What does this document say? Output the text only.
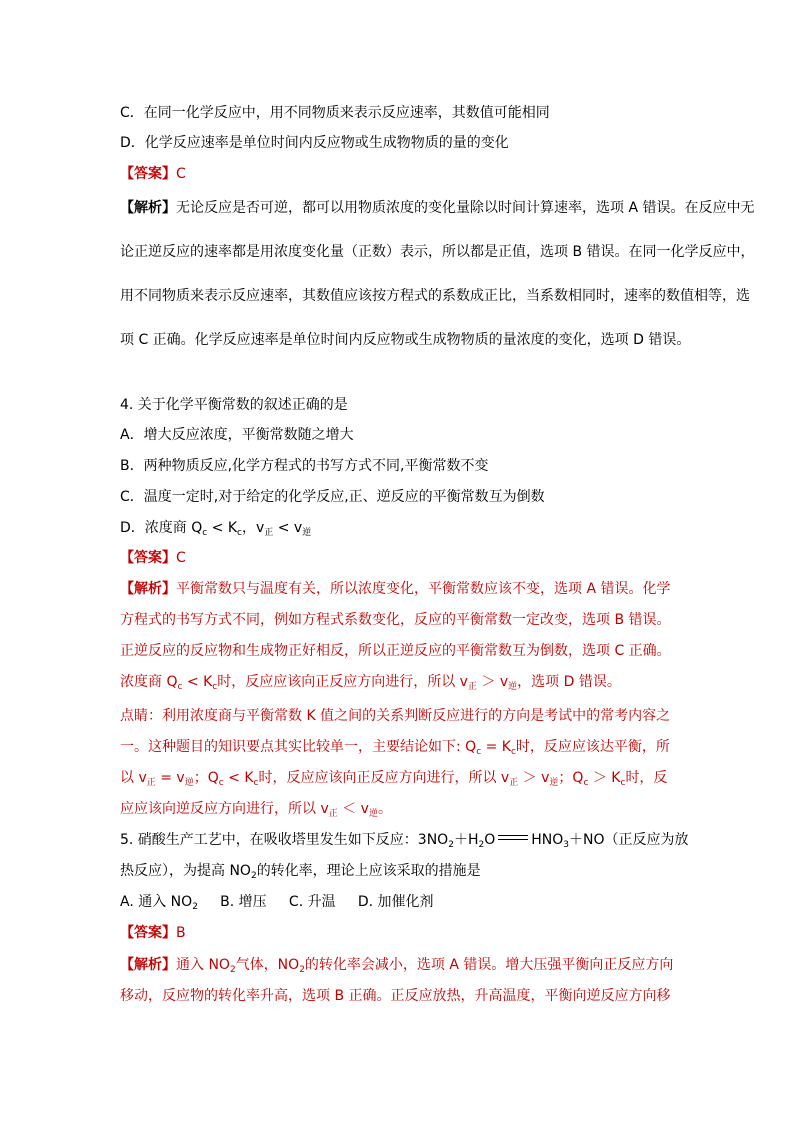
C．在同一化学反应中，用不同物质来表示反应速率，其数值可能相同
D．化学反应速率是单位时间内反应物或生成物物质的量的变化
【答案】C
【解析】无论反应是否可逆，都可以用物质浓度的变化量除以时间计算速率，选项 A 错误。在反应中无
论正逆反应的速率都是用浓度变化量（正数）表示，所以都是正值，选项 B 错误。在同一化学反应中，
用不同物质来表示反应速率，其数值应该按方程式的系数成正比，当系数相同时，速率的数值相等，选
项 C 正确。化学反应速率是单位时间内反应物或生成物物质的量浓度的变化，选项 D 错误。
4. 关于化学平衡常数的叙述正确的是
A．增大反应浓度，平衡常数随之增大
B．两种物质反应,化学方程式的书写方式不同,平衡常数不变
C．温度一定时,对于给定的化学反应,正、逆反应的平衡常数互为倒数
D．浓度商 $Q_c < K_c$，$v_正 < v_逆$
【答案】C
【解析】平衡常数只与温度有关，所以浓度变化，平衡常数应该不变，选项 A 错误。化学
方程式的书写方式不同，例如方程式系数变化，反应的平衡常数一定改变，选项 B 错误。
正逆反应的反应物和生成物正好相反，所以正逆反应的平衡常数互为倒数，选项 C 正确。
浓度商 $Q_c < K_c$时，反应应该向正反应方向进行，所以 $v_正 > v_逆$，选项 D 错误。
点睛：利用浓度商与平衡常数 K 值之间的关系判断反应进行的方向是考试中的常考内容之
一。这种题目的知识要点其实比较单一，主要结论如下: $Q_c = K_c$时，反应应该达平衡，所
以 $v_正 = v_逆$；$Q_c < K_c$时，反应应该向正反应方向进行，所以 $v_正 > v_逆$；$Q_c > K_c$时，反
应应该向逆反应方向进行，所以 $v_正 < v_逆$。
5. 硝酸生产工艺中，在吸收塔里发生如下反应：$3NO_2+H_2O$	$HNO_3+NO$（正反应为放
热反应），为提高 $NO_2$的转化率，理论上应该采取的措施是
A. 通入 $NO_2$     B. 增压     C. 升温     D. 加催化剂
【答案】B
【解析】通入 $NO_2$气体，$NO_2$的转化率会减小，选项 A 错误。增大压强平衡向正反应方向
移动，反应物的转化率升高，选项 B 正确。正反应放热，升高温度，平衡向逆反应方向移
